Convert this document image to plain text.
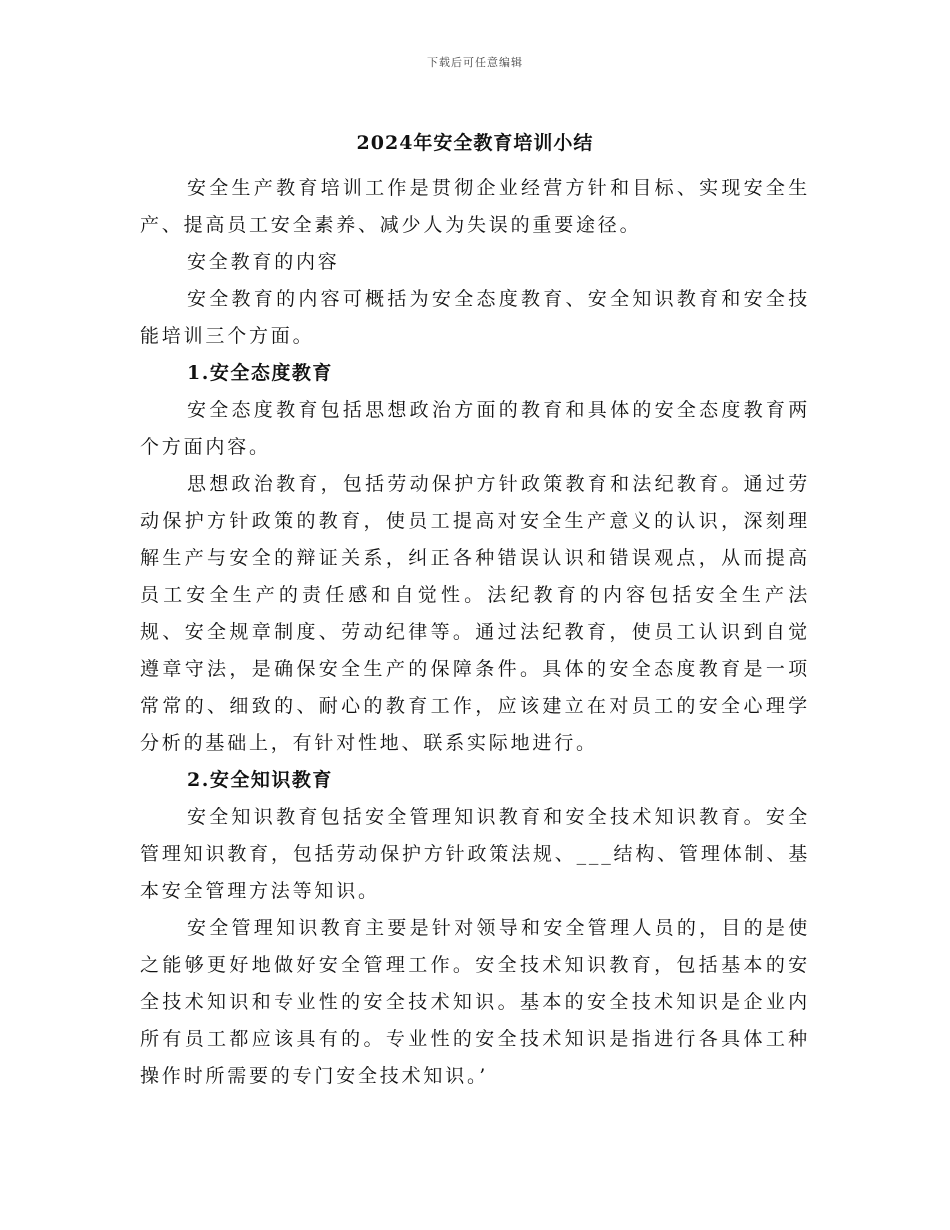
下载后可任意编辑
2024年安全教育培训小结

安全生产教育培训工作是贯彻企业经营方针和目标、实现安全生产、提高员工安全素养、减少人为失误的重要途径。

安全教育的内容

安全教育的内容可概括为安全态度教育、安全知识教育和安全技能培训三个方面。

1.安全态度教育

安全态度教育包括思想政治方面的教育和具体的安全态度教育两个方面内容。

思想政治教育，包括劳动保护方针政策教育和法纪教育。通过劳动保护方针政策的教育，使员工提高对安全生产意义的认识，深刻理解生产与安全的辩证关系，纠正各种错误认识和错误观点，从而提高员工安全生产的责任感和自觉性。法纪教育的内容包括安全生产法规、安全规章制度、劳动纪律等。通过法纪教育，使员工认识到自觉遵章守法，是确保安全生产的保障条件。具体的安全态度教育是一项常常的、细致的、耐心的教育工作，应该建立在对员工的安全心理学分析的基础上，有针对性地、联系实际地进行。

2.安全知识教育

安全知识教育包括安全管理知识教育和安全技术知识教育。安全管理知识教育，包括劳动保护方针政策法规、___结构、管理体制、基本安全管理方法等知识。

安全管理知识教育主要是针对领导和安全管理人员的，目的是使之能够更好地做好安全管理工作。安全技术知识教育，包括基本的安全技术知识和专业性的安全技术知识。基本的安全技术知识是企业内所有员工都应该具有的。专业性的安全技术知识是指进行各具体工种操作时所需要的专门安全技术知识。’
